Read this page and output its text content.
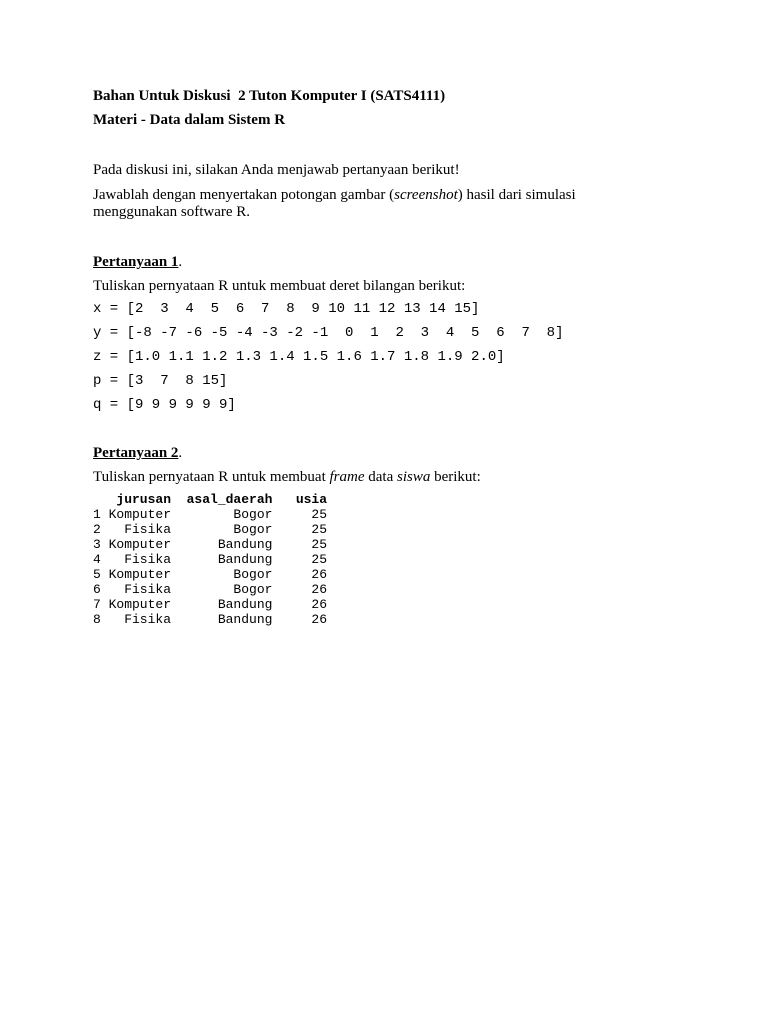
Bahan Untuk Diskusi  2 Tuton Komputer I (SATS4111)
Materi - Data dalam Sistem R
Pada diskusi ini, silakan Anda menjawab pertanyaan berikut!
Jawablah dengan menyertakan potongan gambar (screenshot) hasil dari simulasi menggunakan software R.
Pertanyaan 1.
Tuliskan pernyataan R untuk membuat deret bilangan berikut:
x = [2  3  4  5  6  7  8  9 10 11 12 13 14 15]
y = [-8 -7 -6 -5 -4 -3 -2 -1  0  1  2  3  4  5  6  7  8]
z = [1.0 1.1 1.2 1.3 1.4 1.5 1.6 1.7 1.8 1.9 2.0]
p = [3  7  8 15]
q = [9 9 9 9 9 9]
Pertanyaan 2.
Tuliskan pernyataan R untuk membuat frame data siswa berikut:
jurusan  asal_daerah   usia
1 Komputer        Bogor     25
2   Fisika        Bogor     25
3 Komputer      Bandung     25
4   Fisika      Bandung     25
5 Komputer        Bogor     26
6   Fisika        Bogor     26
7 Komputer      Bandung     26
8   Fisika      Bandung     26
